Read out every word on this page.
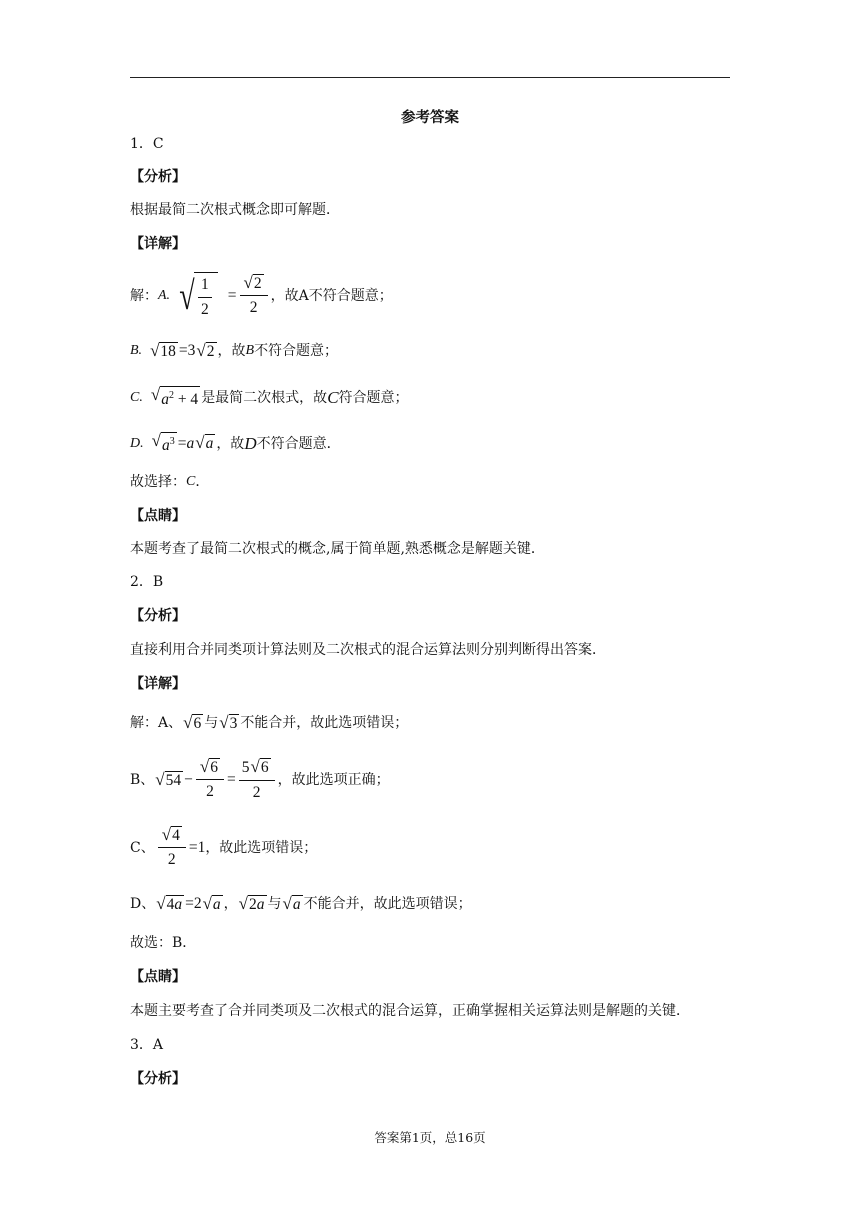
参考答案
1．C
【分析】
根据最简二次根式概念即可解题．
【详解】
解： A. √ $\frac{1}{2} = \frac{√ 2}{2}$ ，故A不符合题意；
B. √ 18 = 3 √ 2 ，故 B 不符合题意；
C. √ $a^2 + 4$ 是最简二次根式，故 C 符合题意；
D. √ $a^3 = a$ √ a ，故 D 不符合题意．
故选择： C ．
【点睛】
本题考查了最简二次根式的概念,属于简单题,熟悉概念是解题关键．
2．B
【分析】
直接利用合并同类项计算法则及二次根式的混合运算法则分别判断得出答案．
【详解】
解：A、 √ 6 与 √ 3 不能合并，故此选项错误；
B、 √ $54 - \frac{√ 6}{2} = \frac{5 √ 6}{2}$ ，故此选项正确；
C、 $\frac{√ 4}{2} = 1$ ，故此选项错误；
D、 √ 4a = 2 √ a ， √ 2a 与 √ a 不能合并，故此选项错误；
故选：B．
【点睛】
本题主要考查了合并同类项及二次根式的混合运算，正确掌握相关运算法则是解题的关键．
3．A
【分析】
答案第1页，总16页
